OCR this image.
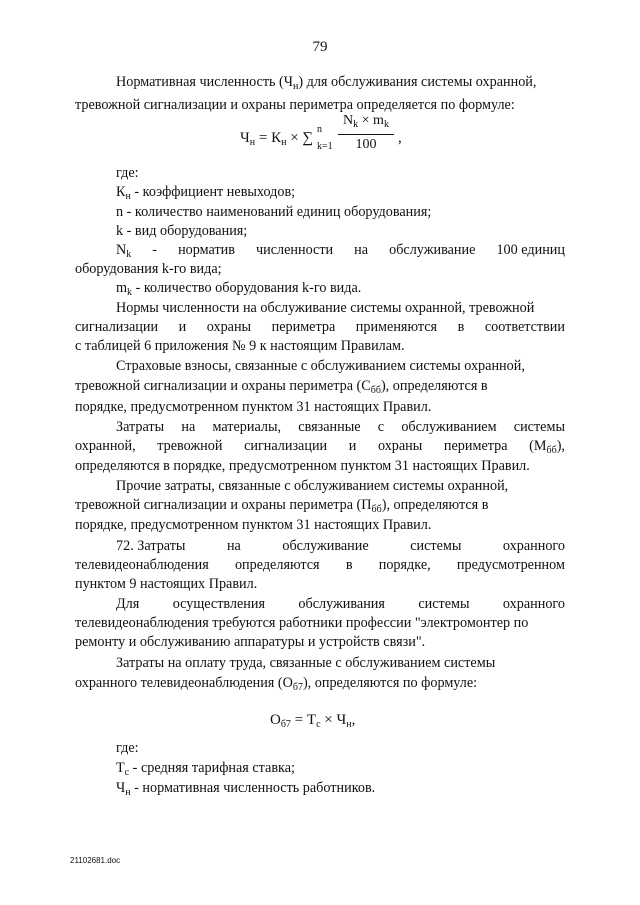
79
Нормативная численность $(Ч_н)$ для обслуживания системы охранной,
тревожной сигнализации и охраны периметра определяется по формуле:
$Ч_н = К_н$ × ∑
n
k=1
$N_k \times m_k$
100	,
где:
$К_н$ - коэффициент невыходов;
n - количество наименований единиц оборудования;
k - вид оборудования;
$N_k$ - норматив численности на обслуживание 100 единиц
оборудования k-го вида;
$m_k$ - количество оборудования k-го вида.
Нормы численности на обслуживание системы охранной, тревожной
сигнализации и охраны периметра применяются в соответствии
с таблицей 6 приложения № 9 к настоящим Правилам.
Страховые взносы, связанные с обслуживанием системы охранной,
тревожной сигнализации и охраны периметра $(С_{бб})$, определяются в
порядке, предусмотренном пунктом 31 настоящих Правил.
Затраты на материалы, связанные с обслуживанием системы
охранной, тревожной сигнализации и охраны периметра $(М_{бб})$,
определяются в порядке, предусмотренном пунктом 31 настоящих Правил.
Прочие затраты, связанные с обслуживанием системы охранной,
тревожной сигнализации и охраны периметра $(П_{бб})$, определяются в
порядке, предусмотренном пунктом 31 настоящих Правил.
72. Затраты	на	обслуживание	системы	охранного
телевидеонаблюдения определяются в порядке, предусмотренном
пунктом 9 настоящих Правил.
Для осуществления обслуживания системы охранного
телевидеонаблюдения требуются работники профессии "электромонтер по
ремонту и обслуживанию аппаратуры и устройств связи".
Затраты на оплату труда, связанные с обслуживанием системы
охранного телевидеонаблюдения $(О_{б7})$, определяются по формуле:
$О_{б7} = Т_с \times Ч_н$,
где:
$Т_с$ - средняя тарифная ставка;
$Ч_н$ - нормативная численность работников.
21102681.doc
